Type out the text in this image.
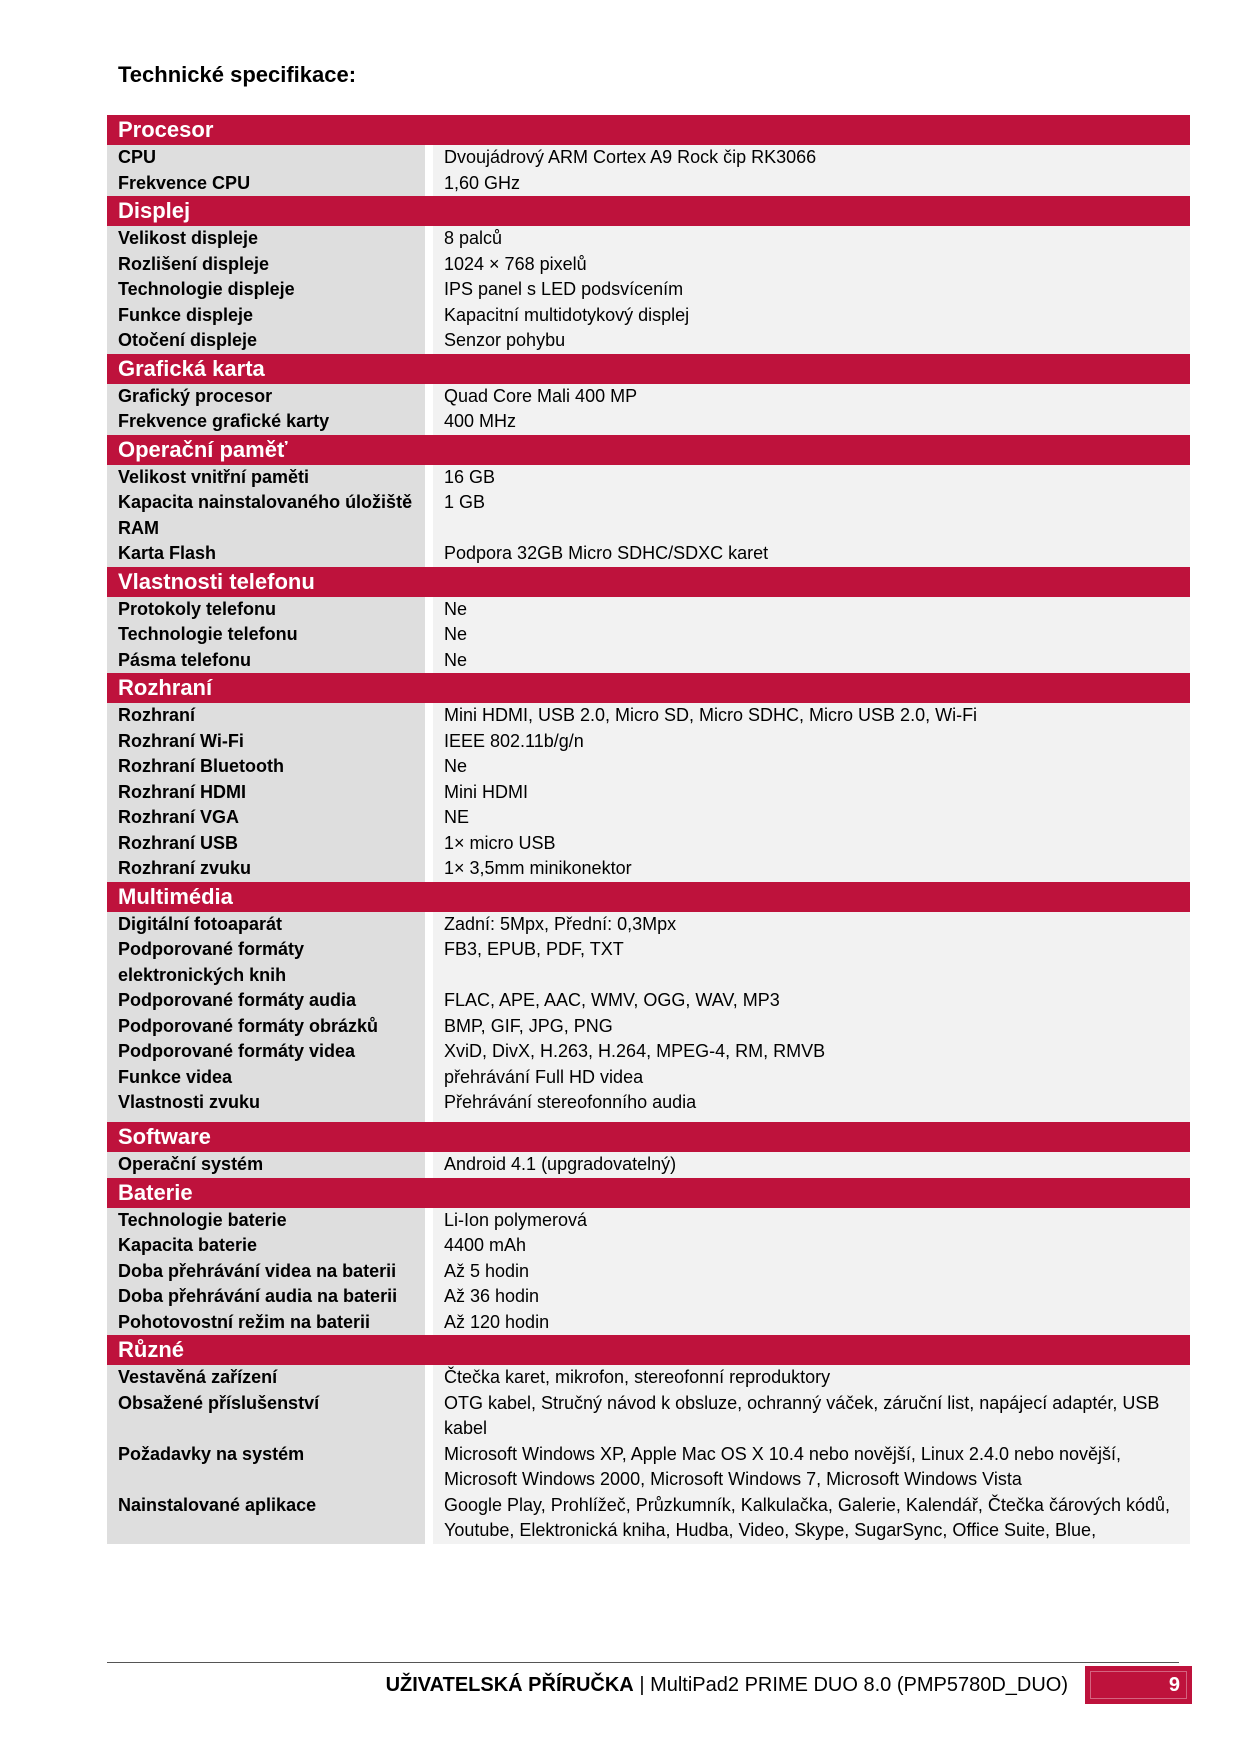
Technické specifikace:
Procesor	
CPU	Dvoujádrový ARM Cortex A9 Rock čip RK3066
Frekvence CPU	1,60 GHz
Displej	
Velikost displeje	8 palců
Rozlišení displeje	1024 × 768 pixelů
Technologie displeje	IPS panel s LED podsvícením
Funkce displeje	Kapacitní multidotykový displej
Otočení displeje	Senzor pohybu
Grafická karta	
Grafický procesor	Quad Core Mali 400 MP
Frekvence grafické karty	400 MHz
Operační paměť	
Velikost vnitřní paměti	16 GB
Kapacita nainstalovaného úložiště RAM	1 GB
Karta Flash	Podpora 32GB Micro SDHC/SDXC karet
Vlastnosti telefonu	
Protokoly telefonu	Ne
Technologie telefonu	Ne
Pásma telefonu	Ne
Rozhraní	
Rozhraní	Mini HDMI, USB 2.0, Micro SD, Micro SDHC, Micro USB 2.0, Wi-Fi
Rozhraní Wi-Fi	IEEE 802.11b/g/n
Rozhraní Bluetooth	Ne
Rozhraní HDMI	Mini HDMI
Rozhraní VGA	NE
Rozhraní USB	1× micro USB
Rozhraní zvuku	1× 3,5mm minikonektor
Multimédia	
Digitální fotoaparát	Zadní: 5Mpx, Přední: 0,3Mpx
Podporované formáty elektronických knih	FB3, EPUB, PDF, TXT
Podporované formáty audia	FLAC, APE, AAC, WMV, OGG, WAV, MP3
Podporované formáty obrázků	BMP, GIF, JPG, PNG
Podporované formáty videa	XviD, DivX, H.263, H.264, MPEG-4, RM, RMVB
Funkce videa	přehrávání Full HD videa
Vlastnosti zvuku	Přehrávání stereofonního audia
Software	
Operační systém	Android 4.1 (upgradovatelný)
Baterie	
Technologie baterie	Li-Ion polymerová
Kapacita baterie	4400 mAh
Doba přehrávání videa na baterii	Až 5 hodin
Doba přehrávání audia na baterii	Až 36 hodin
Pohotovostní režim na baterii	Až 120 hodin
Různé	
Vestavěná zařízení	Čtečka karet, mikrofon, stereofonní reproduktory
Obsažené příslušenství	OTG kabel, Stručný návod k obsluze, ochranný váček, záruční list, napájecí adaptér, USB kabel
Požadavky na systém	Microsoft Windows XP, Apple Mac OS X 10.4 nebo novější, Linux 2.4.0 nebo novější, Microsoft Windows 2000, Microsoft Windows 7, Microsoft Windows Vista
Nainstalované aplikace	Google Play, Prohlížeč, Průzkumník, Kalkulačka, Galerie, Kalendář, Čtečka čárových kódů, Youtube, Elektronická kniha, Hudba, Video, Skype, SugarSync, Office Suite, Blue,
UŽIVATELSKÁ PŘÍRUČKA | MultiPad2 PRIME DUO 8.0 (PMP5780D_DUO)	9
